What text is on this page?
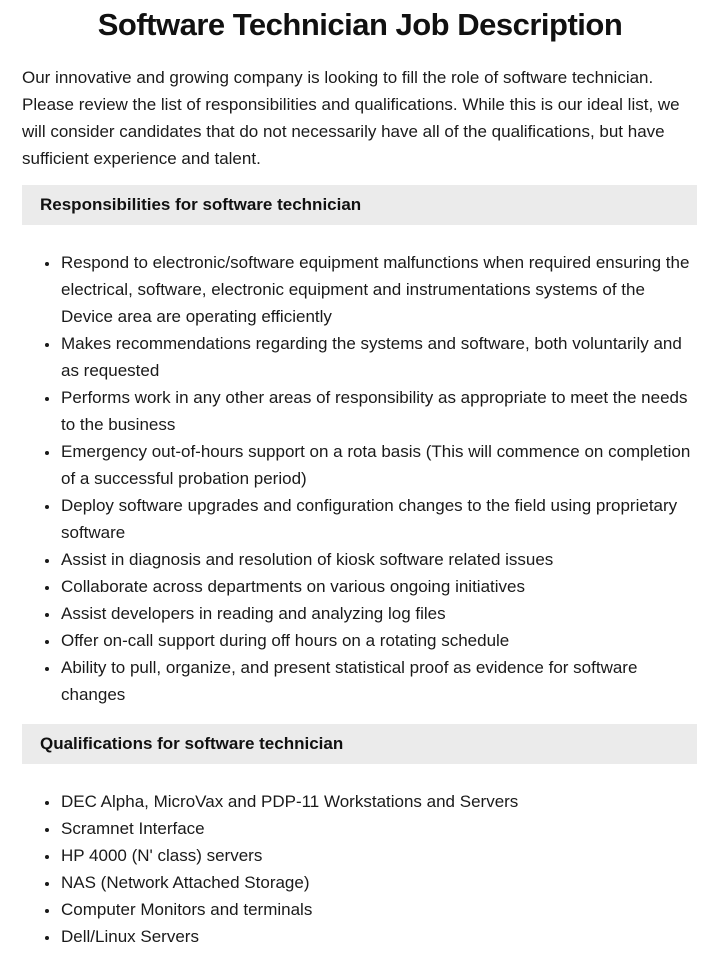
Software Technician Job Description

Our innovative and growing company is looking to fill the role of software technician. Please review the list of responsibilities and qualifications. While this is our ideal list, we will consider candidates that do not necessarily have all of the qualifications, but have sufficient experience and talent.

Responsibilities for software technician
• Respond to electronic/software equipment malfunctions when required ensuring the electrical, software, electronic equipment and instrumentations systems of the Device area are operating efficiently
• Makes recommendations regarding the systems and software, both voluntarily and as requested
• Performs work in any other areas of responsibility as appropriate to meet the needs to the business
• Emergency out-of-hours support on a rota basis (This will commence on completion of a successful probation period)
• Deploy software upgrades and configuration changes to the field using proprietary software
• Assist in diagnosis and resolution of kiosk software related issues
• Collaborate across departments on various ongoing initiatives
• Assist developers in reading and analyzing log files
• Offer on-call support during off hours on a rotating schedule
• Ability to pull, organize, and present statistical proof as evidence for software changes
Qualifications for software technician
• DEC Alpha, MicroVax and PDP-11 Workstations and Servers
• Scramnet Interface
• HP 4000 (N' class) servers
• NAS (Network Attached Storage)
• Computer Monitors and terminals
• Dell/Linux Servers
